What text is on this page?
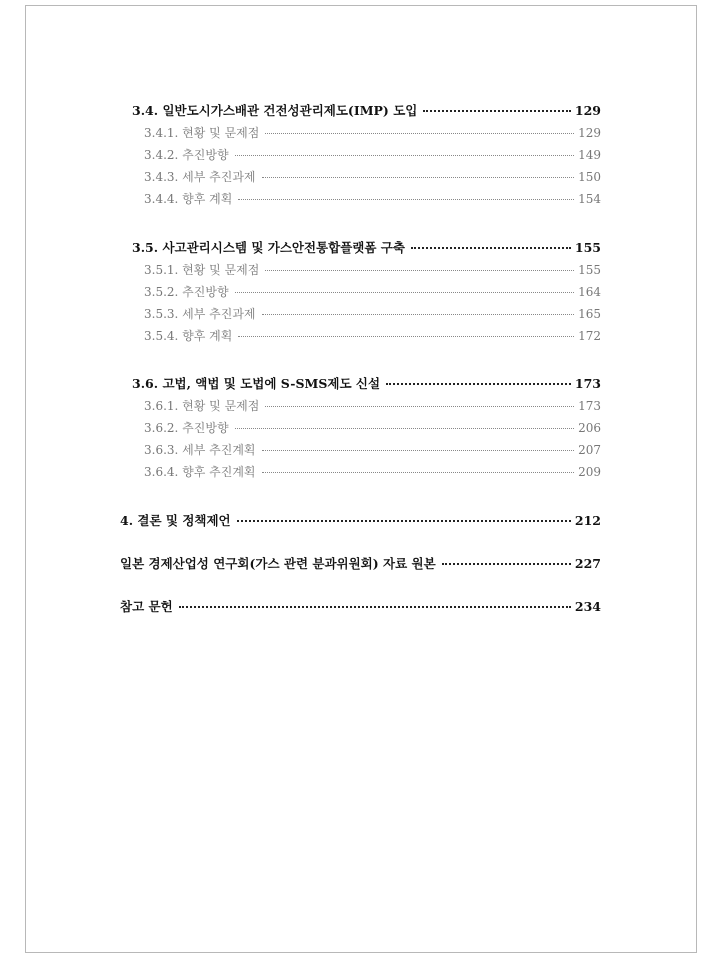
3.4. 일반도시가스배관 건전성관리제도(IMP) 도입	129
3.4.1. 현황 및 문제점	129
3.4.2. 추진방향	149
3.4.3. 세부 추진과제	150
3.4.4. 향후 계획	154
3.5. 사고관리시스템 및 가스안전통합플랫폼 구축	155
3.5.1. 현황 및 문제점	155
3.5.2. 추진방향	164
3.5.3. 세부 추진과제	165
3.5.4. 향후 계획	172
3.6. 고법, 액법 및 도법에 S-SMS제도 신설	173
3.6.1. 현황 및 문제점	173
3.6.2. 추진방향	206
3.6.3. 세부 추진계획	207
3.6.4. 향후 추진계획	209
4. 결론 및 정책제언	212
일본 경제산업성 연구회(가스 관련 분과위원회) 자료 원본	227
참고 문헌	234
